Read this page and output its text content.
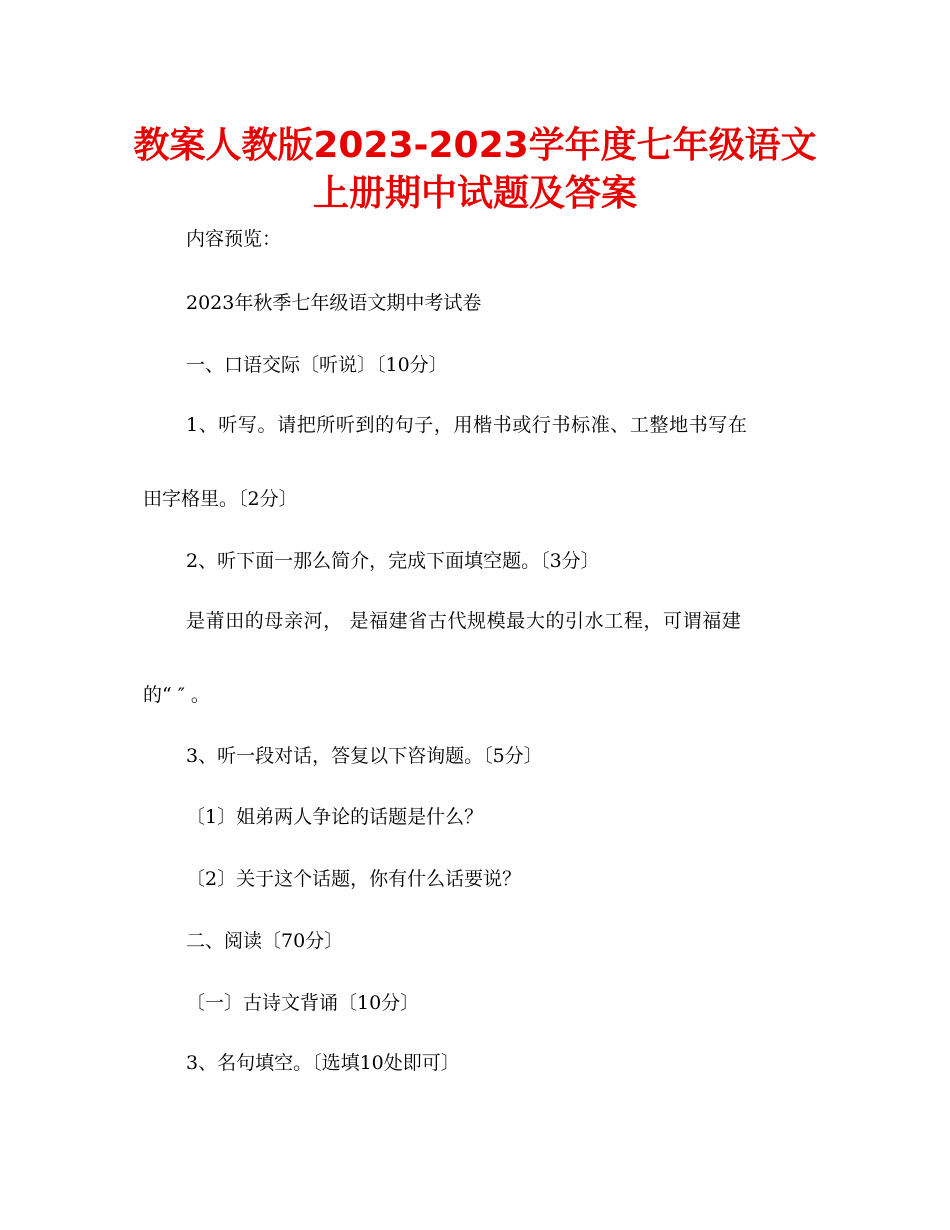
教案人教版2023-2023学年度七年级语文
上册期中试题及答案

内容预览：

2023年秋季七年级语文期中考试卷

一、口语交际〔听说〕〔10分〕

1、听写。请把所听到的句子，用楷书或行书标准、工整地书写在

田字格里。〔2分〕

2、听下面一那么简介，完成下面填空题。〔3分〕

是莆田的母亲河， 是福建省古代规模最大的引水工程，可谓福建

的“ ″ 。

3、听一段对话，答复以下咨询题。〔5分〕

〔1〕姐弟两人争论的话题是什么？

〔2〕关于这个话题，你有什么话要说？

二、阅读〔70分〕

〔一〕古诗文背诵〔10分〕

3、名句填空。〔选填10处即可〕
